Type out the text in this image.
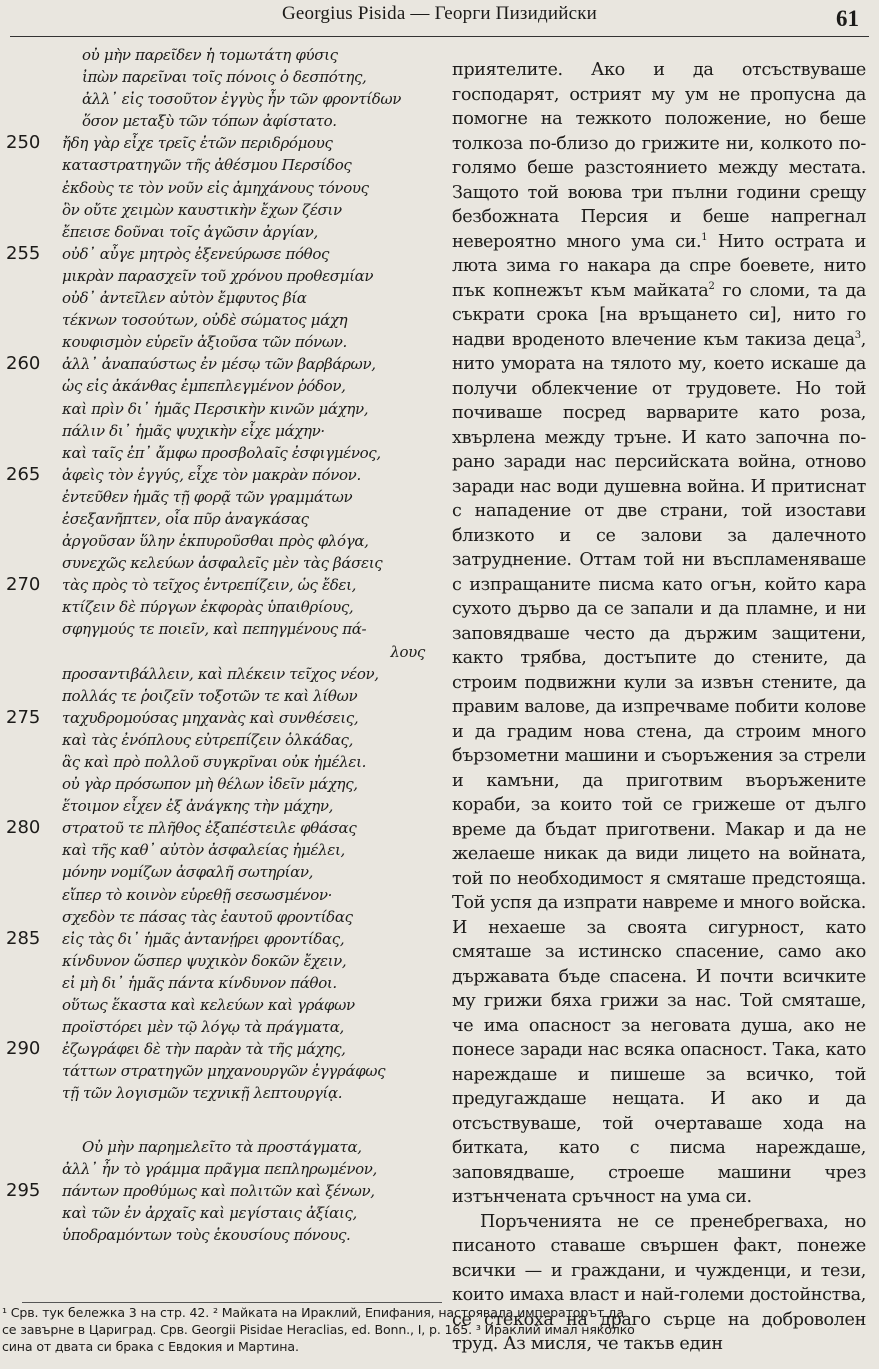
Georgius Pisida — Георги Пизидийски	61
οὐ μὴν παρεῖδεν ἡ τομωτάτη φύσις
ἰπὼν παρεῖναι τοῖς πόνοις ὁ δεσπότης,
ἀλλ᾽ εἰς τοσοῦτον ἐγγὺς ἦν τῶν φροντίδων
ὅσον μεταξὺ τῶν τόπων ἀφίστατο.
250 ἤδη γὰρ εἶχε τρεῖς ἐτῶν περιδρόμους
καταστρατηγῶν τῆς ἀθέσμου Περσίδος
ἐκδοὺς τε τὸν νοῦν εἰς ἀμηχάνους τόνους
ὃν οὔτε χειμὼν καυστικὴν ἔχων ζέσιν
ἔπεισε δοῦναι τοῖς ἀγῶσιν ἀργίαν,
255 οὐδ᾽ αὖγε μητρὸς ἐξενεύρωσε πόθος
μικρὰν παρασχεῖν τοῦ χρόνου προθεσμίαν
οὐδ᾽ ἀντεῖλεν αὐτὸν ἔμφυτος βία
τέκνων τοσούτων, οὐδὲ σώματος μάχη
κουφισμὸν εὑρεῖν ἀξιοῦσα τῶν πόνων.
260 ἀλλ᾽ ἀναπαύστως ἐν μέσῳ τῶν βαρβάρων,
ὡς εἰς ἀκάνθας ἐμπεπλεγμένον ῥόδον,
καὶ πρὶν δι᾽ ἡμᾶς Περσικὴν κινῶν μάχην,
πάλιν δι᾽ ἡμᾶς ψυχικὴν εἶχε μάχην·
καὶ ταῖς ἐπ᾽ ἄμφω προσβολαῖς ἐσφιγμένος,
265 ἀφεὶς τὸν ἐγγύς, εἶχε τὸν μακρὰν πόνον.
ἐντεῦθεν ἡμᾶς τῇ φορᾷ τῶν γραμμάτων
ἐσεξανῆπτεν, οἷα πῦρ ἀναγκάσας
ἀργοῦσαν ὕλην ἐκπυροῦσθαι πρὸς φλόγα,
συνεχῶς κελεύων ἀσφαλεῖς μὲν τὰς βάσεις
270 τὰς πρὸς τὸ τεῖχος ἐντρεπίζειν, ὡς ἔδει,
κτίζειν δὲ πύργων ἐκφορὰς ὑπαιθρίους,
σφηγμούς τε ποιεῖν, καὶ πεπηγμένους πά-
λους
προσαντιβάλλειν, καὶ πλέκειν τεῖχος νέον,
πολλάς τε ῥοιζεῖν τοξοτῶν τε καὶ λίθων
275 ταχυδρομούσας μηχανὰς καὶ συνθέσεις,
καὶ τὰς ἐνόπλους εὐτρεπίζειν ὁλκάδας,
ἃς καὶ πρὸ πολλοῦ συγκρῖναι οὐκ ἠμέλει.
οὐ γὰρ πρόσωπον μὴ θέλων ἰδεῖν μάχης,
ἕτοιμον εἶχεν ἐξ ἀνάγκης τὴν μάχην,
280 στρατοῦ τε πλῆθος ἐξαπέστειλε φθάσας
καὶ τῆς καθ᾽ αὐτὸν ἀσφαλείας ἠμέλει,
μόνην νομίζων ἀσφαλῆ σωτηρίαν,
εἴπερ τὸ κοινὸν εὑρεθῇ σεσωσμένον·
σχεδὸν τε πάσας τὰς ἑαυτοῦ φροντίδας
285 εἰς τὰς δι᾽ ἡμᾶς ἀντανῄρει φροντίδας,
κίνδυνον ὥσπερ ψυχικὸν δοκῶν ἔχειν,
εἰ μὴ δι᾽ ἡμᾶς πάντα κίνδυνον πάθοι.
οὕτως ἕκαστα καὶ κελεύων καὶ γράφων
προϊστόρει μὲν τῷ λόγῳ τὰ πράγματα,
290 ἐζωγράφει δὲ τὴν παρὰν τὰ τῆς μάχης,
τάττων στρατηγῶν μηχανουργῶν ἐγγράφως
τῇ τῶν λογισμῶν τεχνικῇ λεπτουργίᾳ.
Οὐ μὴν παρημελεῖτο τὰ προστάγματα,
ἀλλ᾽ ἦν τὸ γράμμα πρᾶγμα πεπληρωμένον,
295 πάντων προθύμως καὶ πολιτῶν καὶ ξένων,
καὶ τῶν ἐν ἀρχαῖς καὶ μεγίσταις ἀξίαις,
ὑποδραμόντων τοὺς ἑκουσίους πόνους.

приятелите. Ако и да отсъствуваше господарят, острият му ум не пропусна да помогне на тежкото положение, но беше толкоза по-близо до грижите ни, колкото по-голямо беше разстоянието между местата. Защото той воюва три пълни години срещу безбожната Персия и беше напрегнал невероятно много ума си.$^1$ Нито острата и люта зима го накара да спре боевете, нито пък копнежът към майката$^2$ го сломи, та да съкрати срока [на връщането си], нито го надви вроденото влечение към такиза деца$^3$, нито умората на тялото му, което искаше да получи облекчение от трудовете. Но той почиваше посред варварите като роза, хвърлена между тръне. И като започна по-рано заради нас персийската война, отново заради нас води душевна война. И притиснат с нападение от две страни, той изостави близкото и се залови за далечното затруднение. Оттам той ни въспламеняваше с изпращаните писма като огън, който кара сухото дърво да се запали и да пламне, и ни заповядваше често да държим защитени, както трябва, достъпите до стените, да строим подвижни кули за извън стените, да правим валове, да изпречваме побити колове и да градим нова стена, да строим много бързометни машини и съоръжения за стрели и камъни, да приготвим въоръжените кораби, за които той се грижеше от дълго време да бъдат приготвени. Макар и да не желаеше никак да види лицето на войната, той по необходимост я смяташе предстояща. Той успя да изпрати навреме и много войска. И нехаеше за своята сигурност, като смяташе за истинско спасение, само ако държавата бъде спасена. И почти всичките му грижи бяха грижи за нас. Той смяташе, че има опасност за неговата душа, ако не понесе заради нас всяка опасност. Така, като нареждаше и пишеше за всичко, той предугаждаше нещата. И ако и да отсъствуваше, той очертаваше хода на битката, като с писма нареждаше, заповядваше, строеше машини чрез изтънчената сръчност на ума си.

Поръченията не се пренебрегваха, но писаното ставаше свършен факт, понеже всички — и граждани, и чужденци, и тези, които имаха власт и най-големи достойнства, се стекоха на драго сърце на доброволен труд. Аз мисля, че такъв един

¹ Срв. тук бележка 3 на стр. 42. ² Майката на Ираклий, Епифания, настоявала императорът да
се завърне в Цариград. Срв. Georgii Pisidae Heraclias, ed. Bonn., I, p. 165. ³ Ираклий имал няколко
сина от двата си брака с Евдокия и Мартина.
